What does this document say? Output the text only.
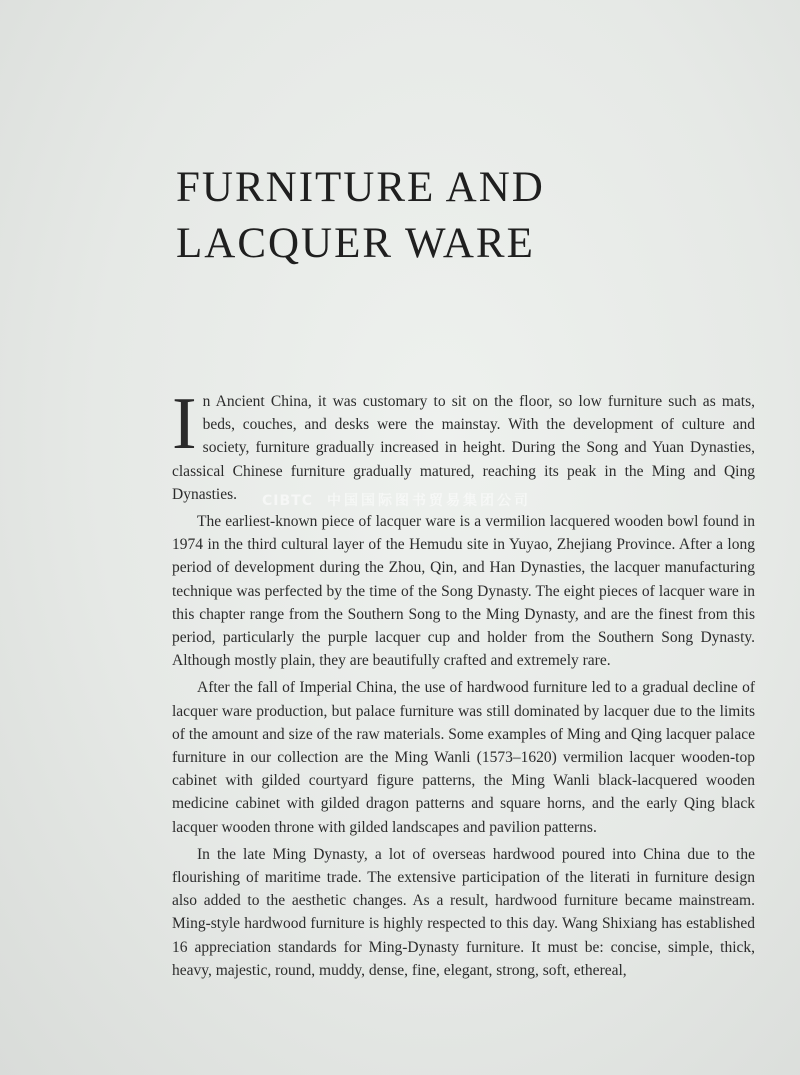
FURNITURE AND
LACQUER WARE

In Ancient China, it was customary to sit on the floor, so low furniture such as mats, beds, couches, and desks were the mainstay. With the development of culture and society, furniture gradually increased in height. During the Song and Yuan Dynasties, classical Chinese furniture gradually matured, reaching its peak in the Ming and Qing Dynasties.

The earliest-known piece of lacquer ware is a vermilion lacquered wooden bowl found in 1974 in the third cultural layer of the Hemudu site in Yuyao, Zhejiang Province. After a long period of development during the Zhou, Qin, and Han Dynasties, the lacquer manufacturing technique was perfected by the time of the Song Dynasty. The eight pieces of lacquer ware in this chapter range from the Southern Song to the Ming Dynasty, and are the finest from this period, particularly the purple lacquer cup and holder from the Southern Song Dynasty. Although mostly plain, they are beautifully crafted and extremely rare.

After the fall of Imperial China, the use of hardwood furniture led to a gradual decline of lacquer ware production, but palace furniture was still dominated by lacquer due to the limits of the amount and size of the raw materials. Some examples of Ming and Qing lacquer palace furniture in our collection are the Ming Wanli (1573–1620) vermilion lacquer wooden-top cabinet with gilded courtyard figure patterns, the Ming Wanli black-lacquered wooden medicine cabinet with gilded dragon patterns and square horns, and the early Qing black lacquer wooden throne with gilded landscapes and pavilion patterns.

In the late Ming Dynasty, a lot of overseas hardwood poured into China due to the flourishing of maritime trade. The extensive participation of the literati in furniture design also added to the aesthetic changes. As a result, hardwood furniture became mainstream. Ming-style hardwood furniture is highly respected to this day. Wang Shixiang has established 16 appreciation standards for Ming-Dynasty furniture. It must be: concise, simple, thick, heavy, majestic, round, muddy, dense, fine, elegant, strong, soft, ethereal,

CIBTC 中国国际图书贸易集团公司
